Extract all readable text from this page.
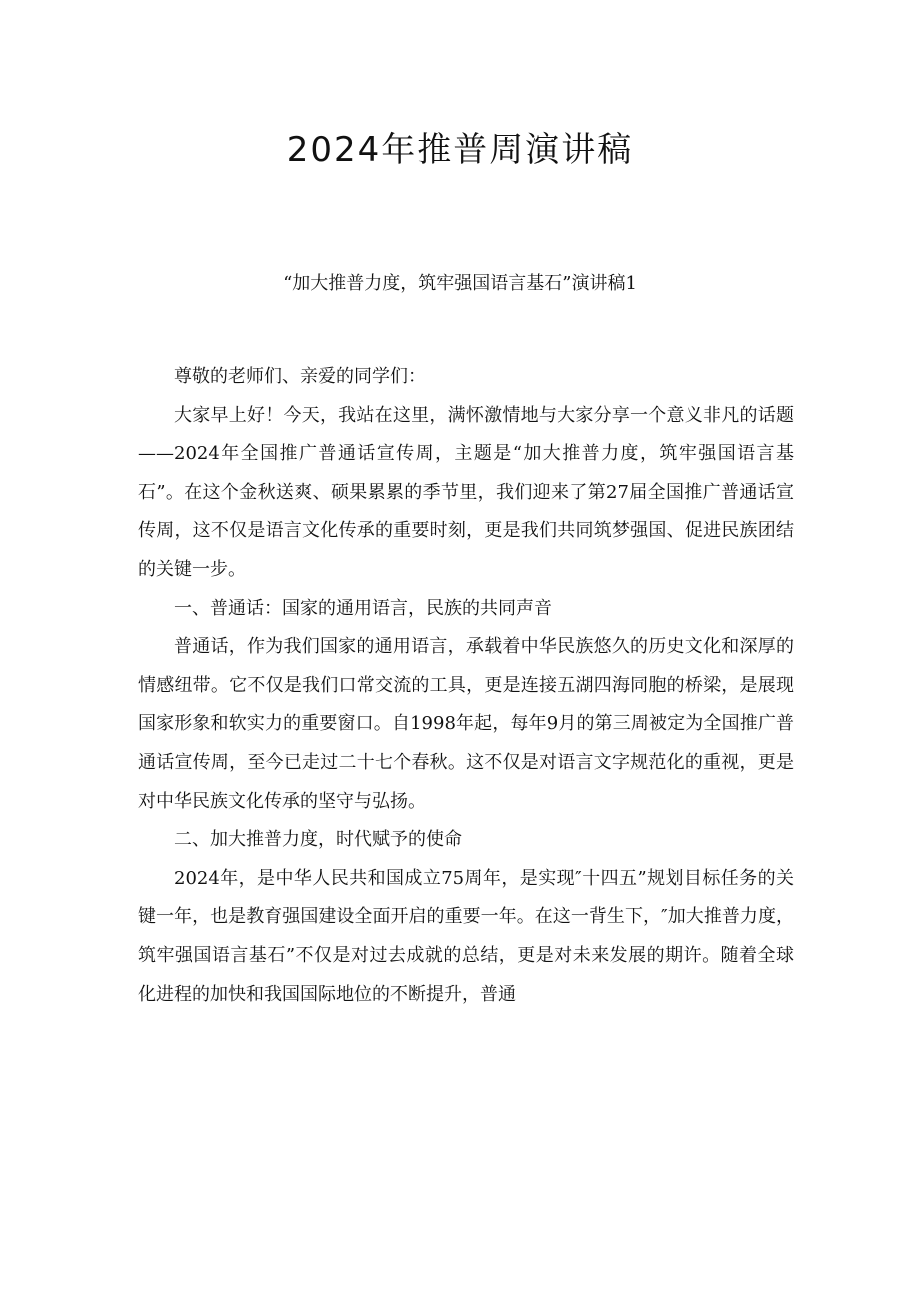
2024年推普周演讲稿

“加大推普力度，筑牢强国语言基石”演讲稿1

尊敬的老师们、亲爱的同学们：

大家早上好！今天，我站在这里，满怀激情地与大家分享一个意义非凡的话题——2024年全国推广普通话宣传周，主题是“加大推普力度，筑牢强国语言基石”。在这个金秋送爽、硕果累累的季节里，我们迎来了第27届全国推广普通话宣传周，这不仅是语言文化传承的重要时刻，更是我们共同筑梦强国、促进民族团结的关键一步。

一、普通话：国家的通用语言，民族的共同声音

普通话，作为我们国家的通用语言，承载着中华民族悠久的历史文化和深厚的情感纽带。它不仅是我们口常交流的工具，更是连接五湖四海同胞的桥梁，是展现国家形象和软实力的重要窗口。自1998年起，每年9月的第三周被定为全国推广普通话宣传周，至今已走过二十七个春秋。这不仅是对语言文字规范化的重视，更是对中华民族文化传承的坚守与弘扬。

二、加大推普力度，时代赋予的使命

2024年，是中华人民共和国成立75周年，是实现″十四五”规划目标任务的关键一年，也是教育强国建设全面开启的重要一年。在这一背生下，″加大推普力度，筑牢强国语言基石”不仅是对过去成就的总结，更是对未来发展的期许。随着全球化进程的加快和我国国际地位的不断提升，普通
